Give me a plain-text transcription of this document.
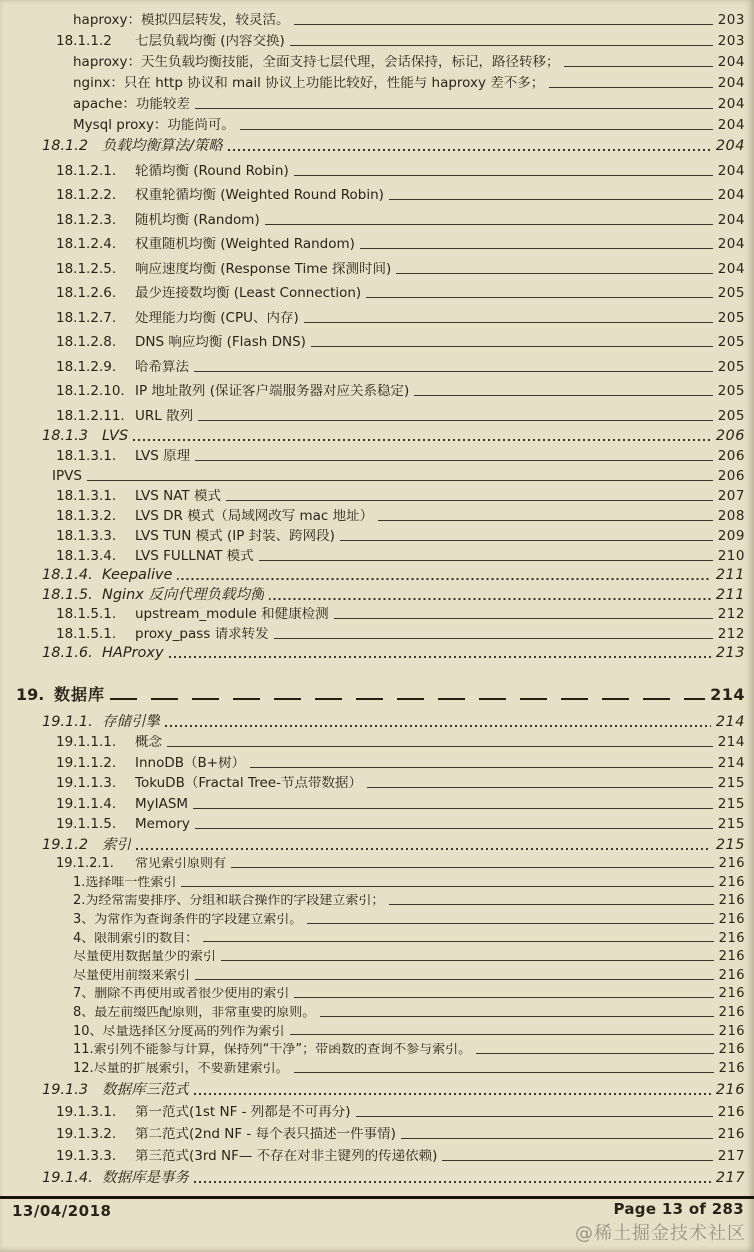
haproxy：模拟四层转发，较灵活。	203
18.1.1.2	七层负载均衡 (内容交换)	203
haproxy：天生负载均衡技能，全面支持七层代理，会话保持，标记，路径转移；	204
nginx：只在 http 协议和 mail 协议上功能比较好，性能与 haproxy 差不多；	204
apache：功能较差	204
Mysql proxy：功能尚可。	204
18.1.2 负载均衡算法/策略	204
18.1.2.1.	轮循均衡 (Round Robin)	204
18.1.2.2.	权重轮循均衡 (Weighted Round Robin)	204
18.1.2.3.	随机均衡 (Random)	204
18.1.2.4.	权重随机均衡 (Weighted Random)	204
18.1.2.5.	响应速度均衡 (Response Time 探测时间)	204
18.1.2.6.	最少连接数均衡 (Least Connection)	205
18.1.2.7.	处理能力均衡 (CPU、内存)	205
18.1.2.8.	DNS 响应均衡 (Flash DNS)	205
18.1.2.9.	哈希算法	205
18.1.2.10. IP 地址散列 (保证客户端服务器对应关系稳定)	205
18.1.2.11. URL 散列	205
18.1.3 LVS	206
18.1.3.1.	LVS 原理	206
IPVS	206
18.1.3.1.	LVS NAT 模式	207
18.1.3.2.	LVS DR 模式（局域网改写 mac 地址）	208
18.1.3.3.	LVS TUN 模式 (IP 封装、跨网段)	209
18.1.3.4.	LVS FULLNAT 模式	210
18.1.4. Keepalive	211
18.1.5. Nginx 反向代理负载均衡	211
18.1.5.1.	upstream_module 和健康检测	212
18.1.5.1.	proxy_pass 请求转发	212
18.1.6. HAProxy	213
19. 数据库	214
19.1.1. 存储引擎	214
19.1.1.1.	概念	214
19.1.1.2.	InnoDB（B+树）	214
19.1.1.3.	TokuDB（Fractal Tree-节点带数据）	215
19.1.1.4.	MyIASM	215
19.1.1.5.	Memory	215
19.1.2 索引	215
19.1.2.1.	常见索引原则有	216
1.选择唯一性索引	216
2.为经常需要排序、分组和联合操作的字段建立索引；	216
3、为常作为查询条件的字段建立索引。	216
4、限制索引的数目：	216
尽量使用数据量少的索引	216
尽量使用前缀来索引	216
7、删除不再使用或者很少使用的索引	216
8、最左前缀匹配原则，非常重要的原则。	216
10、尽量选择区分度高的列作为索引	216
11.索引列不能参与计算，保持列“干净”；带函数的查询不参与索引。	216
12.尽量的扩展索引，不要新建索引。	216
19.1.3 数据库三范式	216
19.1.3.1.	第一范式(1st NF - 列都是不可再分)	216
19.1.3.2.	第二范式(2nd NF - 每个表只描述一件事情)	216
19.1.3.3.	第三范式(3rd NF— 不存在对非主键列的传递依赖)	217
19.1.4. 数据库是事务	217
13/04/2018	Page 13 of 283
@稀土掘金技术社区
